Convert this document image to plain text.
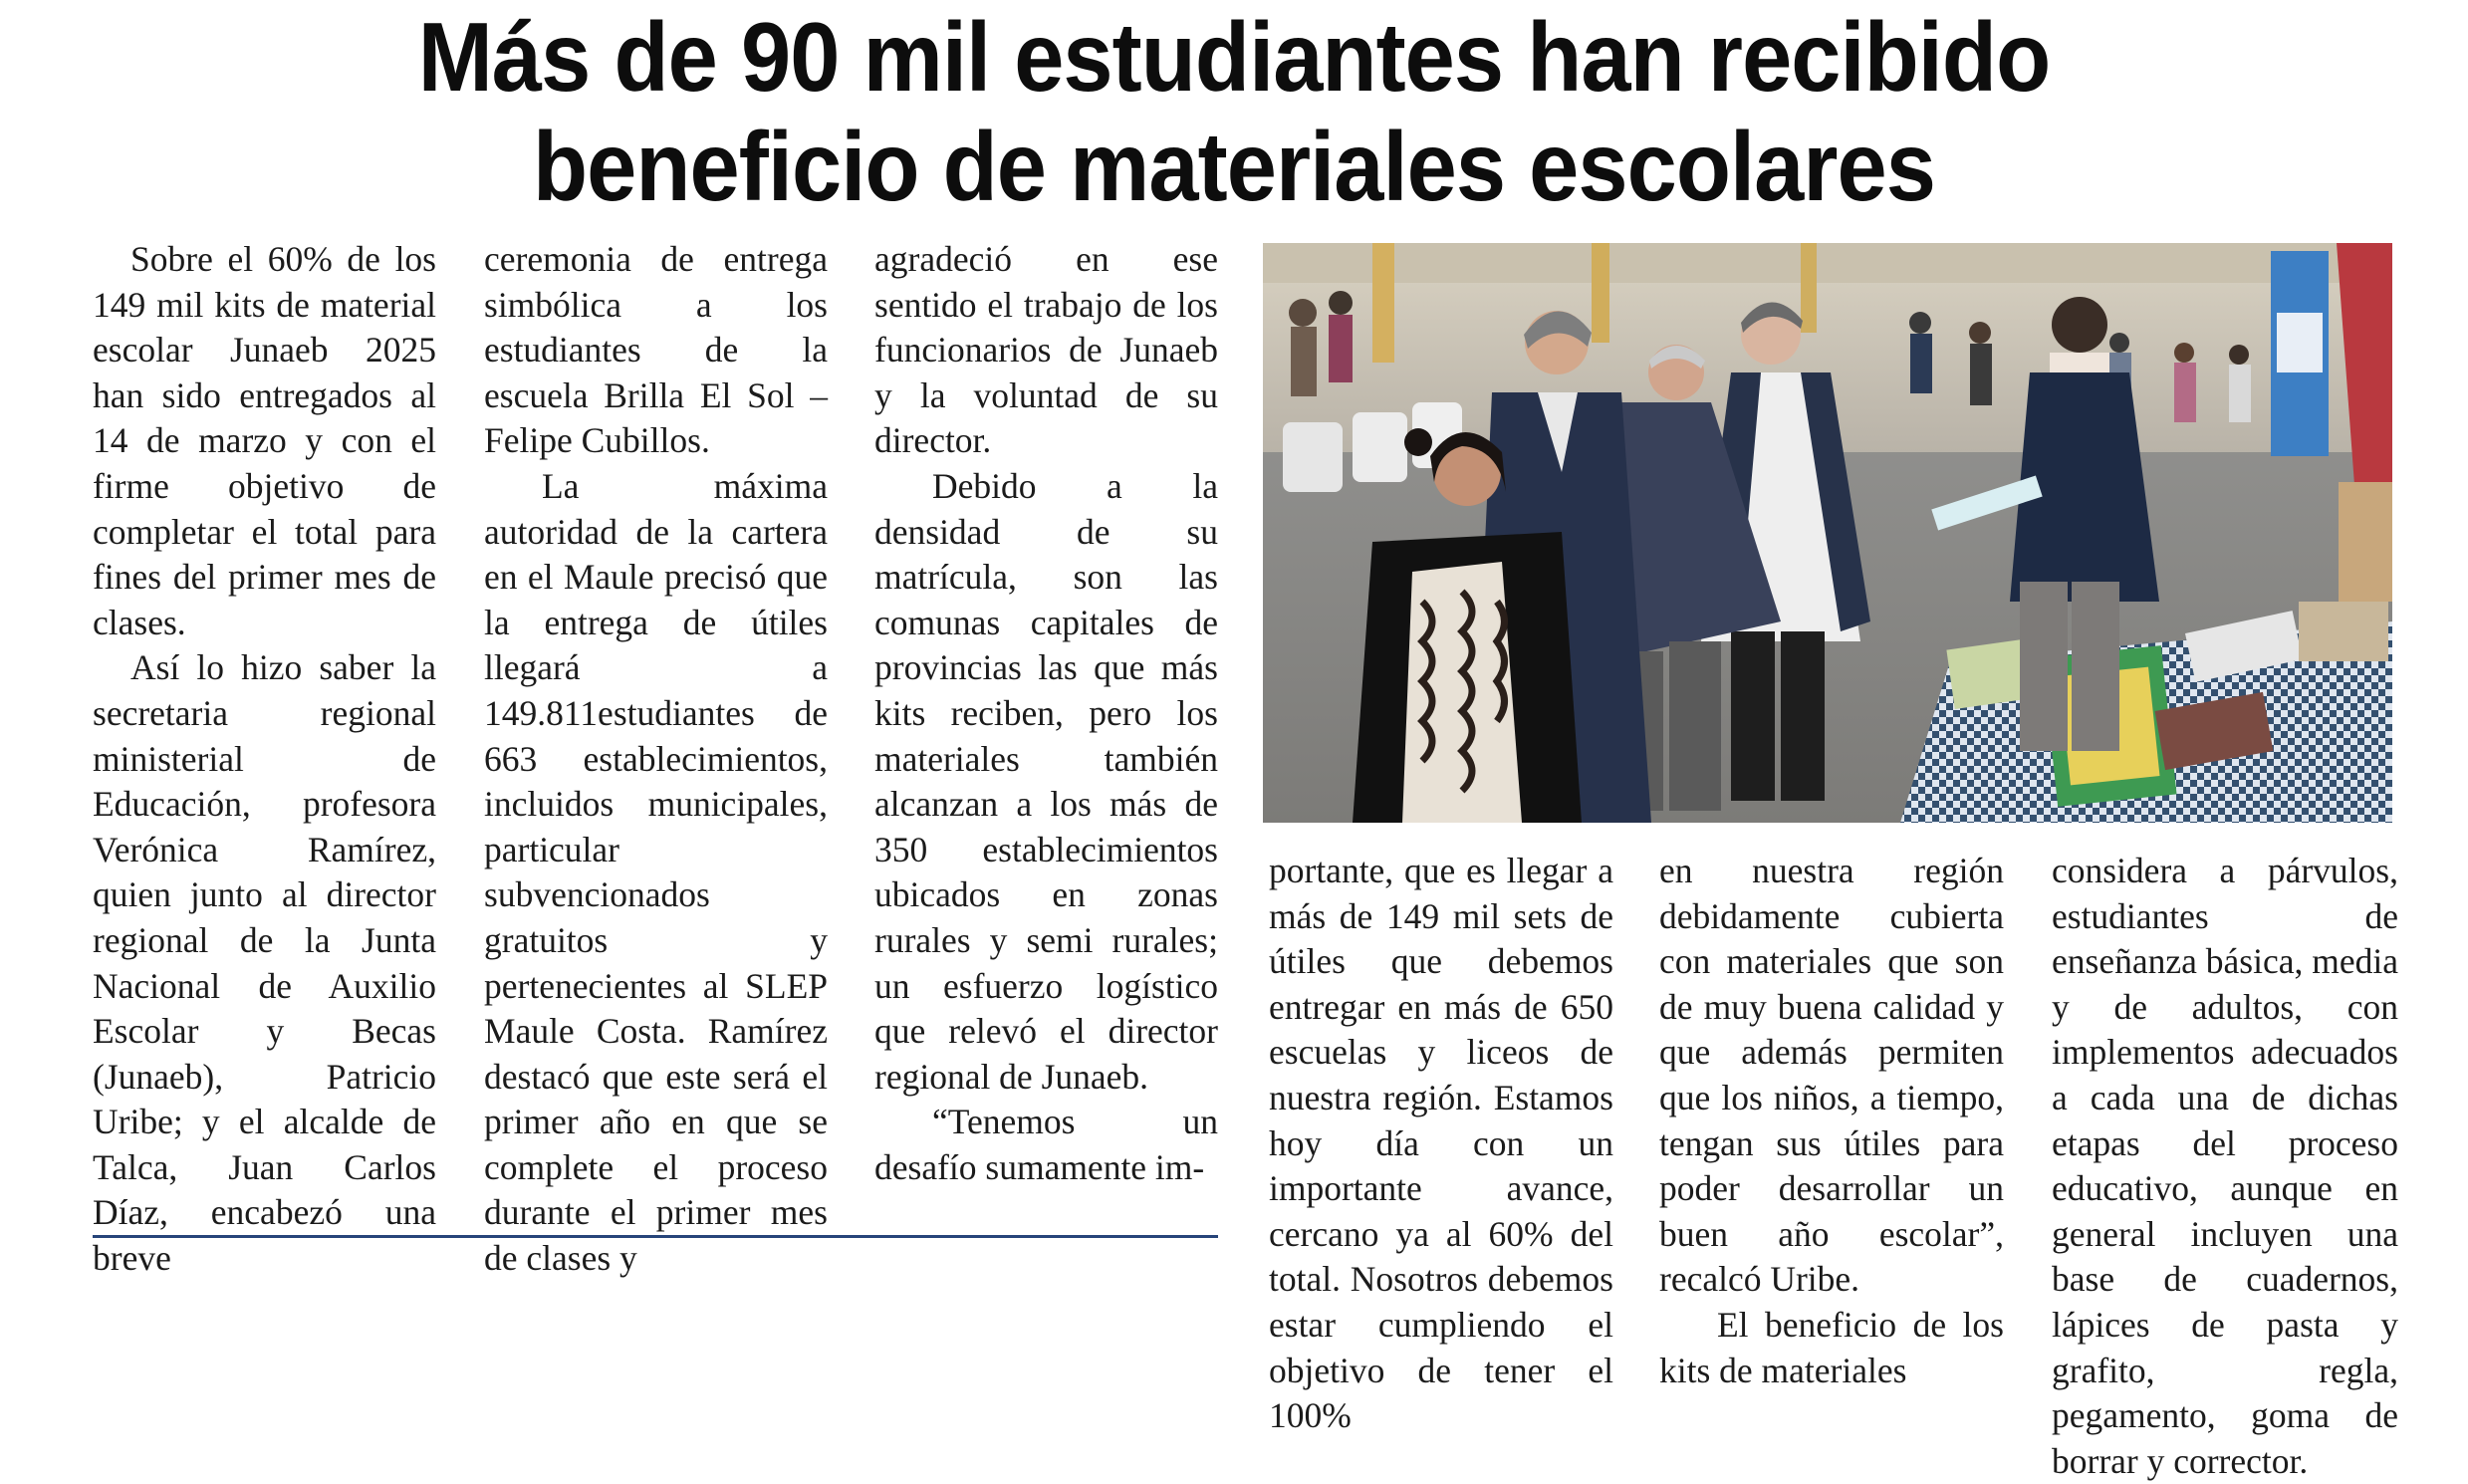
Más de 90 mil estudiantes han recibido
beneficio de materiales escolares

Sobre el 60% de los 149 mil kits de material escolar Junaeb 2025 han sido entregados al 14 de marzo y con el firme objetivo de completar el total para fines del primer mes de clases.

Así lo hizo saber la secretaria regional ministerial de Educación, profesora Verónica Ramírez, quien junto al director regional de la Junta Nacional de Auxilio Escolar y Becas (Junaeb), Patricio Uribe; y el alcalde de Talca, Juan Carlos Díaz, encabezó una breve

ceremonia de entrega simbólica a los estudiantes de la escuela Brilla El Sol – Felipe Cubillos.

La máxima autoridad de la cartera en el Maule precisó que la entrega de útiles llegará a 149.811estudiantes de 663 establecimientos, incluidos municipales, particular subvencionados gratuitos y pertenecientes al SLEP Maule Costa. Ramírez destacó que este será el primer año en que se complete el proceso durante el primer mes de clases y

agradeció en ese sentido el trabajo de los funcionarios de Junaeb y la voluntad de su director.

Debido a la densidad de su matrícula, son las comunas capitales de provincias las que más kits reciben, pero los materiales también alcanzan a los más de 350 establecimientos ubicados en zonas rurales y semi rurales; un esfuerzo logístico que relevó el director regional de Junaeb.

“Tenemos un desafío sumamente im-

portante, que es llegar a más de 149 mil sets de útiles que debemos entregar en más de 650 escuelas y liceos de nuestra región. Estamos hoy día con un importante avance, cercano ya al 60% del total. Nosotros debemos estar cumpliendo el objetivo de tener el 100%

en nuestra región debidamente cubierta con materiales que son de muy buena calidad y que además permiten que los niños, a tiempo, tengan sus útiles para poder desarrollar un buen año escolar”, recalcó Uribe.

El beneficio de los kits de materiales

considera a párvulos, estudiantes de enseñanza básica, media y de adultos, con implementos adecuados a cada una de dichas etapas del proceso educativo, aunque en general incluyen una base de cuadernos, lápices de pasta y grafito, regla, pegamento, goma de borrar y corrector.
